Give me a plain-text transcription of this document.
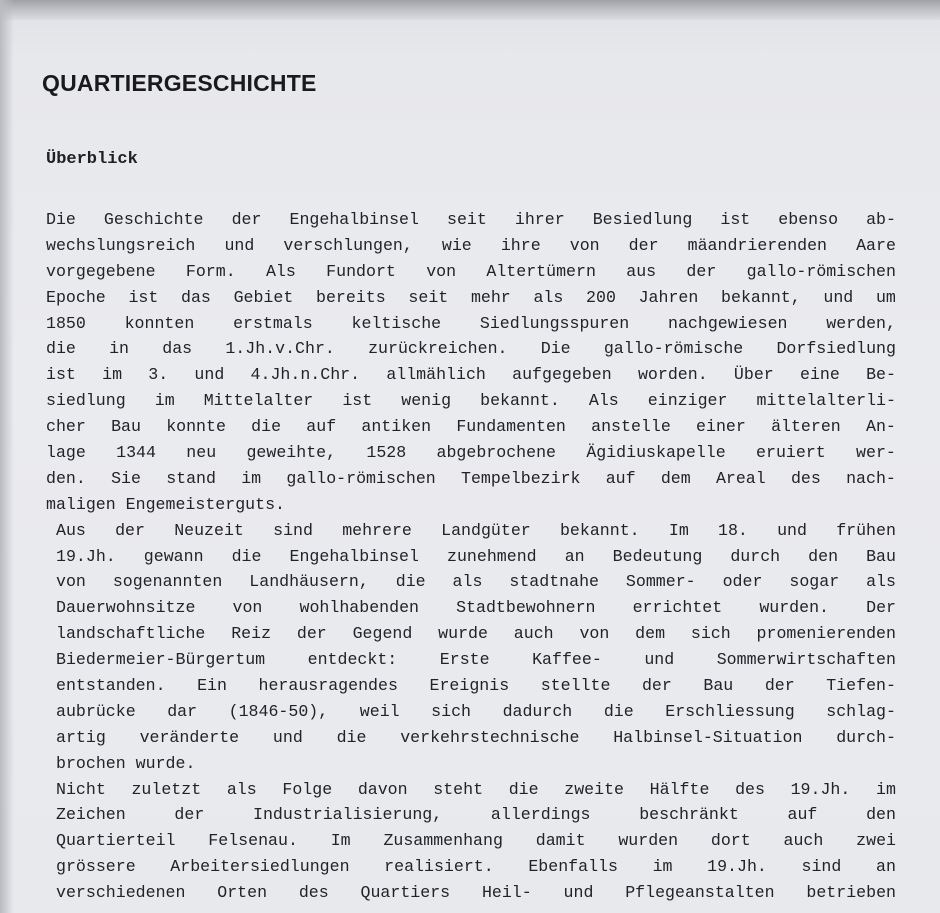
QUARTIERGESCHICHTE
Überblick
Die Geschichte der Engehalbinsel seit ihrer Besiedlung ist ebenso ab-
wechslungsreich und verschlungen, wie ihre von der mäandrierenden Aare
vorgegebene Form. Als Fundort von Altertümern aus der gallo-römischen
Epoche ist das Gebiet bereits seit mehr als 200 Jahren bekannt, und um
1850 konnten erstmals keltische Siedlungsspuren nachgewiesen werden,
die in das 1.Jh.v.Chr. zurückreichen. Die gallo-römische Dorfsiedlung
ist im 3. und 4.Jh.n.Chr. allmählich aufgegeben worden. Über eine Be-
siedlung im Mittelalter ist wenig bekannt. Als einziger mittelalterli-
cher Bau konnte die auf antiken Fundamenten anstelle einer älteren An-
lage 1344 neu geweihte, 1528 abgebrochene Ägidiuskapelle eruiert wer-
den. Sie stand im gallo-römischen Tempelbezirk auf dem Areal des nach-
maligen Engemeisterguts.
Aus der Neuzeit sind mehrere Landgüter bekannt. Im 18. und frühen
19.Jh. gewann die Engehalbinsel zunehmend an Bedeutung durch den Bau
von sogenannten Landhäusern, die als stadtnahe Sommer- oder sogar als
Dauerwohnsitze von wohlhabenden Stadtbewohnern errichtet wurden. Der
landschaftliche Reiz der Gegend wurde auch von dem sich promenierenden
Biedermeier-Bürgertum	entdeckt:	Erste	Kaffee-	und	Sommerwirtschaften
entstanden. Ein herausragendes Ereignis stellte der Bau der Tiefen-
aubrücke dar (1846-50), weil sich dadurch die Erschliessung schlag-
artig veränderte und die verkehrstechnische Halbinsel-Situation durch-
brochen wurde.
Nicht zuletzt als Folge davon steht die zweite Hälfte des 19.Jh. im
Zeichen	der	Industrialisierung,	allerdings	beschränkt	auf	den
Quartierteil Felsenau. Im Zusammenhang damit wurden dort auch zwei
grössere Arbeitersiedlungen realisiert. Ebenfalls im 19.Jh. sind an
verschiedenen Orten des Quartiers Heil- und Pflegeanstalten betrieben
